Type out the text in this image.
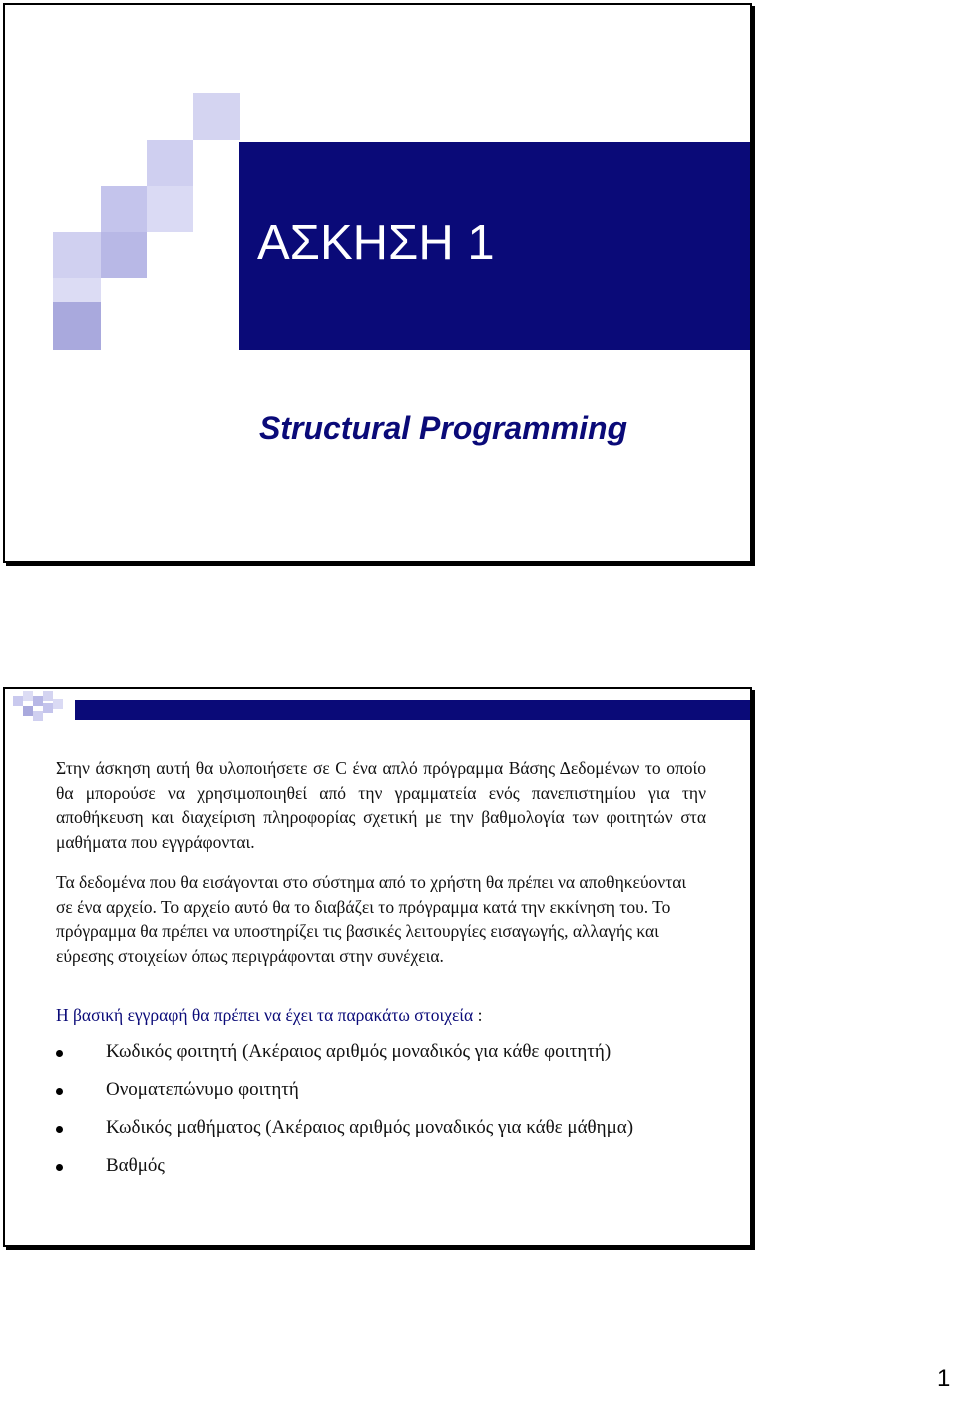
ΑΣΚΗΣΗ 1
Structural Programming

Στην άσκηση αυτή θα υλοποιήσετε σε C ένα απλό πρόγραμμα Βάσης Δεδομένων το οποίο θα μπορούσε να χρησιμοποιηθεί από την γραμματεία ενός πανεπιστημίου για την αποθήκευση και διαχείριση πληροφορίας σχετική με την βαθμολογία των φοιτητών στα μαθήματα που εγγράφονται.

Τα δεδομένα που θα εισάγονται στο σύστημα από το χρήστη θα πρέπει να αποθηκεύονται σε ένα αρχείο. Το αρχείο αυτό θα το διαβάζει το πρόγραμμα κατά την εκκίνηση του. Το πρόγραμμα θα πρέπει να υποστηρίζει τις βασικές λειτουργίες εισαγωγής, αλλαγής και εύρεσης στοιχείων όπως περιγράφονται στην συνέχεια.

Η βασική εγγραφή θα πρέπει να έχει τα παρακάτω στοιχεία :

Κωδικός φοιτητή (Ακέραιος αριθμός μοναδικός για κάθε φοιτητή)
Ονοματεπώνυμο φοιτητή
Κωδικός μαθήματος (Ακέραιος αριθμός μοναδικός για κάθε μάθημα)
Βαθμός
1
